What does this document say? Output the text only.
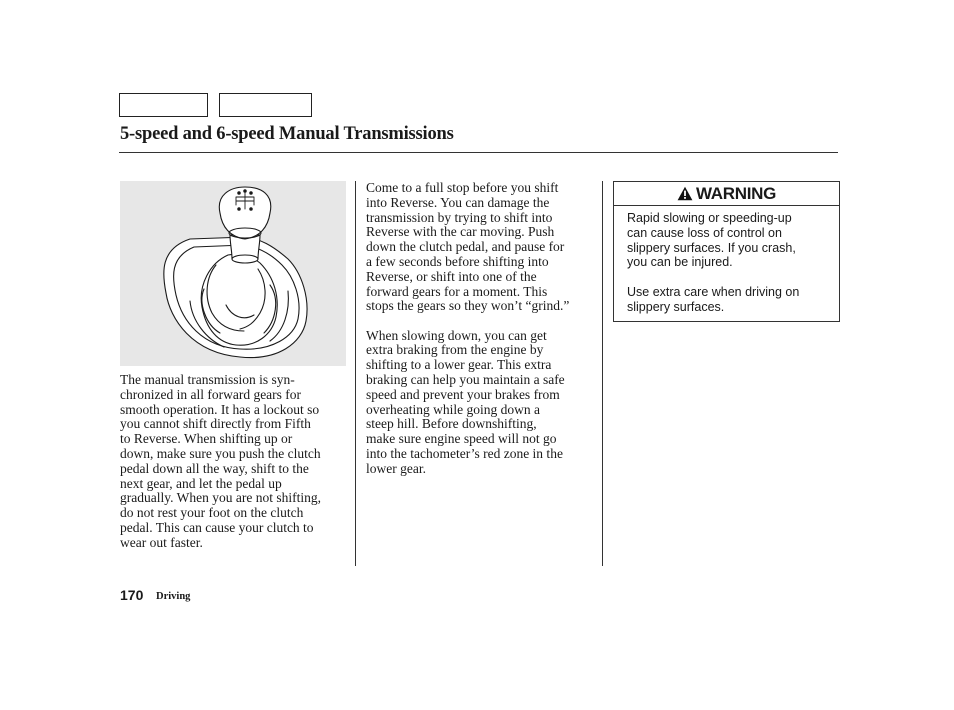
5-speed and 6-speed Manual Transmissions

The manual transmission is syn-
chronized in all forward gears for
smooth operation. It has a lockout so
you cannot shift directly from Fifth
to Reverse. When shifting up or
down, make sure you push the clutch
pedal down all the way, shift to the
next gear, and let the pedal up
gradually. When you are not shifting,
do not rest your foot on the clutch
pedal. This can cause your clutch to
wear out faster.

Come to a full stop before you shift
into Reverse. You can damage the
transmission by trying to shift into
Reverse with the car moving. Push
down the clutch pedal, and pause for
a few seconds before shifting into
Reverse, or shift into one of the
forward gears for a moment. This
stops the gears so they won’t “grind.”

When slowing down, you can get
extra braking from the engine by
shifting to a lower gear. This extra
braking can help you maintain a safe
speed and prevent your brakes from
overheating while going down a
steep hill. Before downshifting,
make sure engine speed will not go
into the tachometer’s red zone in the
lower gear.

WARNING

Rapid slowing or speeding-up
can cause loss of control on
slippery surfaces. If you crash,
you can be injured.

Use extra care when driving on
slippery surfaces.

170 Driving
